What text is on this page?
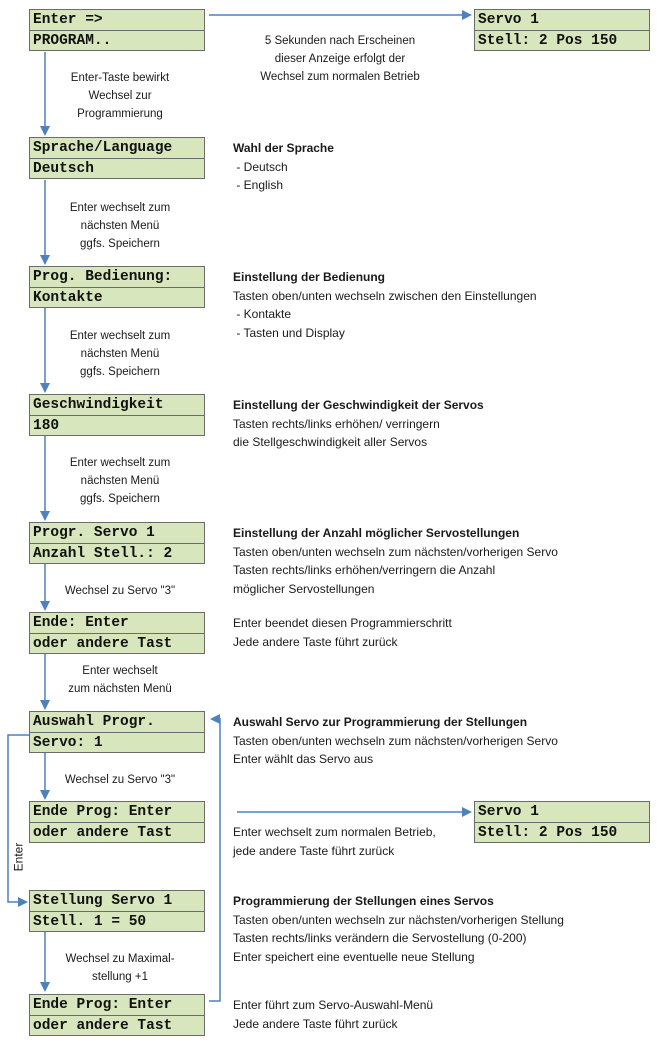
Enter =>
PROGRAM..
Servo 1
Stell: 2 Pos 150
Sprache/Language
Deutsch
Prog. Bedienung:
Kontakte
Geschwindigkeit
180
Progr. Servo 1
Anzahl Stell.: 2
Ende: Enter
oder andere Tast
Auswahl Progr.
Servo: 1
Ende Prog: Enter
oder andere Tast
Servo 1
Stell: 2 Pos 150
Stellung Servo 1
Stell. 1 = 50
Ende Prog: Enter
oder andere Tast
5 Sekunden nach Erscheinen
dieser Anzeige erfolgt der
Wechsel zum normalen Betrieb
Enter-Taste bewirkt
Wechsel zur
Programmierung
Enter wechselt zum
nächsten Menü
ggfs. Speichern
Enter wechselt zum
nächsten Menü
ggfs. Speichern
Enter wechselt zum
nächsten Menü
ggfs. Speichern
Wechsel zu Servo "3"
Enter wechselt
zum nächsten Menü
Wechsel zu Servo "3"
Enter
Wechsel zu Maximal-
stellung +1
Wahl der Sprache
- Deutsch
- English
Einstellung der Bedienung
Tasten oben/unten wechseln zwischen den Einstellungen
- Kontakte
- Tasten und Display
Einstellung der Geschwindigkeit der Servos
Tasten rechts/links erhöhen/ verringern
die Stellgeschwindigkeit aller Servos
Einstellung der Anzahl möglicher Servostellungen
Tasten oben/unten wechseln zum nächsten/vorherigen Servo
Tasten rechts/links erhöhen/verringern die Anzahl
möglicher Servostellungen
Enter beendet diesen Programmierschritt
Jede andere Taste führt zurück
Auswahl Servo zur Programmierung der Stellungen
Tasten oben/unten wechseln zum nächsten/vorherigen Servo
Enter wählt das Servo aus
Enter wechselt zum normalen Betrieb,
jede andere Taste führt zurück
Programmierung der Stellungen eines Servos
Tasten oben/unten wechseln zur nächsten/vorherigen Stellung
Tasten rechts/links verändern die Servostellung (0-200)
Enter speichert eine eventuelle neue Stellung
Enter führt zum Servo-Auswahl-Menü
Jede andere Taste führt zurück
